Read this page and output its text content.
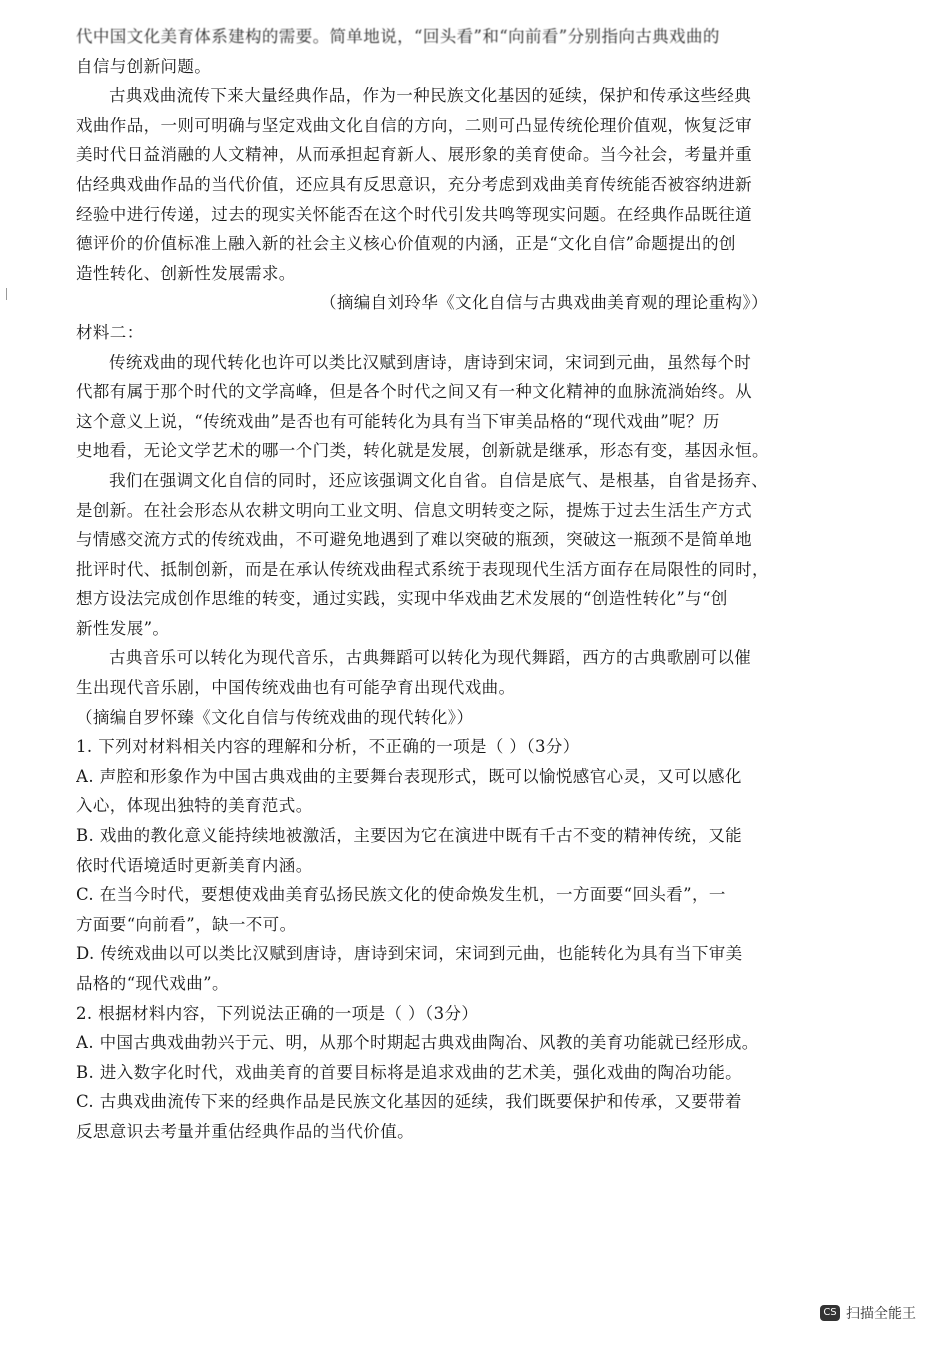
代中国文化美育体系建构的需要。简单地说，“回头看”和“向前看”分别指向古典戏曲的
自信与创新问题。
古典戏曲流传下来大量经典作品，作为一种民族文化基因的延续，保护和传承这些经典
戏曲作品，一则可明确与坚定戏曲文化自信的方向，二则可凸显传统伦理价值观，恢复泛审
美时代日益消融的人文精神，从而承担起育新人、展形象的美育使命。当今社会，考量并重
估经典戏曲作品的当代价值，还应具有反思意识，充分考虑到戏曲美育传统能否被容纳进新
经验中进行传递，过去的现实关怀能否在这个时代引发共鸣等现实问题。在经典作品既往道
德评价的价值标准上融入新的社会主义核心价值观的内涵，正是“文化自信”命题提出的创
造性转化、创新性发展需求。
（摘编自刘玲华《文化自信与古典戏曲美育观的理论重构》）
材料二：
传统戏曲的现代转化也许可以类比汉赋到唐诗，唐诗到宋词，宋词到元曲，虽然每个时
代都有属于那个时代的文学高峰，但是各个时代之间又有一种文化精神的血脉流淌始终。从
这个意义上说，“传统戏曲”是否也有可能转化为具有当下审美品格的“现代戏曲”呢？历
史地看，无论文学艺术的哪一个门类，转化就是发展，创新就是继承，形态有变，基因永恒。
我们在强调文化自信的同时，还应该强调文化自省。自信是底气、是根基，自省是扬弃、
是创新。在社会形态从农耕文明向工业文明、信息文明转变之际，提炼于过去生活生产方式
与情感交流方式的传统戏曲，不可避免地遇到了难以突破的瓶颈，突破这一瓶颈不是简单地
批评时代、抵制创新，而是在承认传统戏曲程式系统于表现现代生活方面存在局限性的同时，
想方设法完成创作思维的转变，通过实践，实现中华戏曲艺术发展的“创造性转化”与“创
新性发展”。
古典音乐可以转化为现代音乐，古典舞蹈可以转化为现代舞蹈，西方的古典歌剧可以催
生出现代音乐剧，中国传统戏曲也有可能孕育出现代戏曲。
（摘编自罗怀臻《文化自信与传统戏曲的现代转化》）
1. 下列对材料相关内容的理解和分析，不正确的一项是（ ）（3分）
A. 声腔和形象作为中国古典戏曲的主要舞台表现形式，既可以愉悦感官心灵，又可以感化
入心，体现出独特的美育范式。
B. 戏曲的教化意义能持续地被激活，主要因为它在演进中既有千古不变的精神传统，又能
依时代语境适时更新美育内涵。
C. 在当今时代，要想使戏曲美育弘扬民族文化的使命焕发生机，一方面要“回头看”，一
方面要“向前看”，缺一不可。
D. 传统戏曲以可以类比汉赋到唐诗，唐诗到宋词，宋词到元曲，也能转化为具有当下审美
品格的“现代戏曲”。
2. 根据材料内容，下列说法正确的一项是（ ）（3分）
A. 中国古典戏曲勃兴于元、明，从那个时期起古典戏曲陶冶、风教的美育功能就已经形成。
B. 进入数字化时代，戏曲美育的首要目标将是追求戏曲的艺术美，强化戏曲的陶冶功能。
C. 古典戏曲流传下来的经典作品是民族文化基因的延续，我们既要保护和传承，又要带着
反思意识去考量并重估经典作品的当代价值。
CS 扫描全能王
